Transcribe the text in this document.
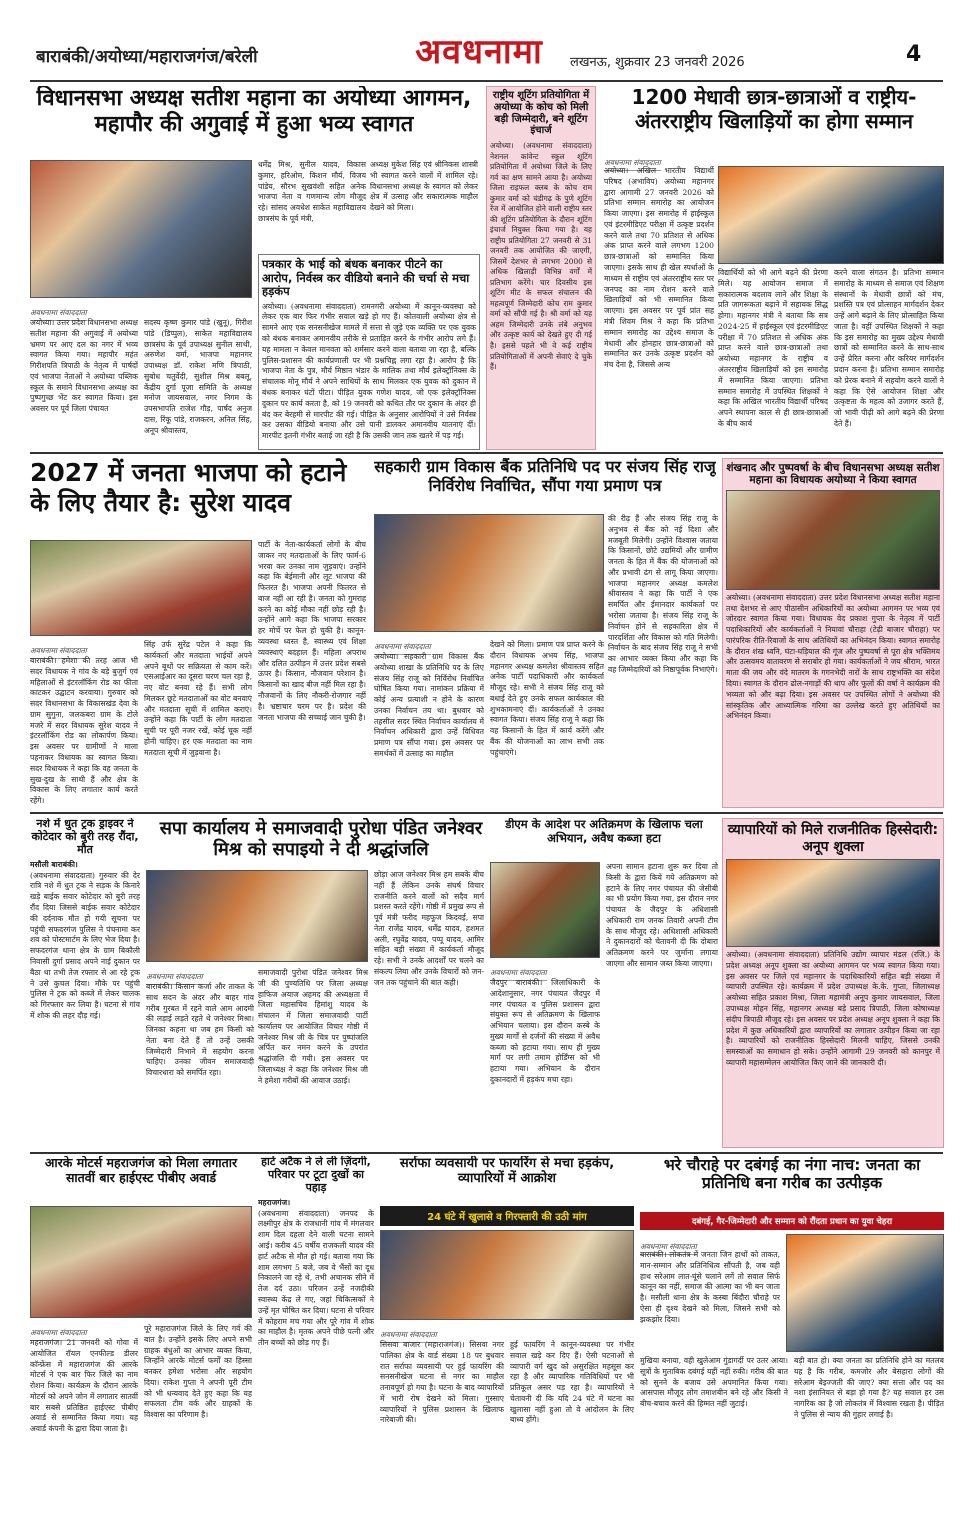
बाराबंकी/अयोध्या/महाराजगंज/बरेली	अवधनामा लखनऊ, शुक्रवार 23 जनवरी 2026	4
विधानसभा अध्यक्ष सतीश महाना का अयोध्या आगमन, महापौर की अगुवाई में हुआ भव्य स्वागत
अवधनामा संवाददाता
अयोध्या। उत्तर प्रदेश विधानसभा अध्यक्ष सतीश महाना की अगुवाई में अयोध्या भ्रमण पर आए दल का नगर में भव्य स्वागत किया गया। महापौर महंत गिरीशपति त्रिपाठी के नेतृत्व में पार्षदों एवं भाजपा नेताओं ने अयोध्या पब्लिक स्कूल के समाने विधानसभा अध्यक्ष का पुष्पगुच्छ भेंट कर स्वागत किया। इस अवसर पर पूर्व जिला पंचायत
सदस्य कृष्ण कुमार पांडे (खुनू), गिरीश पांडे (डिप्पुल), साकेत महाविद्यालय छात्रसंघ के पूर्व उपाध्यक्ष सुनील साथी, अरुणेश वर्मा, भाजपा महानगर उपाध्यक्ष डॉ. राकेश मणि त्रिपाठी, सुबोध चतुर्वेदी, सुशील मिश्र बबलू, केंद्रीय दुर्गा पूजा समिति के अध्यक्ष मनोज जायसवाल, नगर निगम के उपसभापति राजेश गौड़, पार्षद अनुज दास, रिंकू पांडे, राजकरन, अनिल सिंह, अनूप श्रीवास्तव,
धर्मेंद्र मिश्र, सुनील यादव, विकास कुमार, हरिओम, किशन मौर्य, विजय पांडेय, सौरभ सुखवंशी सहित अनेक भाजपा नेता व गणमान्य लोग मौजूद रहे। सांसद अवधेश साकेत महाविद्यालय छात्रसंघ के पूर्व मंत्री,
अध्यक्ष मुकेश सिंह एवं श्रीनिकस शास्त्री भी स्वागत करने वालों में शामिल रहे। विधानसभा अध्यक्ष के स्वागत को लेकर क्षेत्र में उत्साह और सकारात्मक माहौल देखने को मिला।
पत्रकार के भाई को बंधक बनाकर पीटने का आरोप, निर्वस्त्र कर वीडियो बनाने की चर्चा से मचा हड़कंप
अयोध्या। (अवधनामा संवाददाता) रामनगरी अयोध्या में कानून-व्यवस्था को लेकर एक बार फिर गंभीर सवाल खड़े हो गए हैं। कोतवाली अयोध्या क्षेत्र से सामने आए एक सनसनीखेज मामले में सत्ता से जुड़े एक व्यक्ति पर एक युवक को बंधक बनाकर अमानवीय तरीके से प्रताड़ित करने के गंभीर आरोप लगे हैं। यह मामला न केवल मानवता को शर्मसार करने वाला बताया जा रहा है, बल्कि पुलिस-प्रशासन की कार्यप्रणाली पर भी प्रश्नचिह्न लगा रहा है। आरोप है कि भाजपा नेता के पुत्र, मौर्य मिष्ठान भंडार के मालिक तथा मौर्य इलेक्ट्रॉनिक्स के संचालक मोनू मौर्य ने अपने साथियों के साथ मिलकर एक युवक को दुकान में बंधक बनाकर घंटों पीटा। पीड़ित युवक गणेश यादव, जो एक इलेक्ट्रॉनिक्स दुकान पर कार्य करता है, को 19 जनवरी को कथित तौर पर दुकान के अंदर ही बंद कर बेरहमी से मारपीट की गई। पीड़ित के अनुसार आरोपियों ने उसे निर्वस्त्र कर उसका वीडियो बनाया और उसे पानी डालकर अमानवीय यातनाएं दीं। मारपीट इतनी गंभीर बताई जा रही है कि उसकी जान तक खतरे में पड़ गई।
राष्ट्रीय शूटिंग प्रतियोगिता में अयोध्या के कोच को मिली बड़ी जिम्मेदारी, बने शूटिंग इंचार्ज
अयोध्या। (अवधनामा संवाददाता) नेशनल कांवेन्ट स्कूल शूटिंग प्रतियोगिता में अयोध्या जिले के लिए गर्व का क्षण सामने आया है। अयोध्या जिला राइफल क्लब के कोच राम कुमार वर्मा को चंडीगढ़ के पुणे शूटिंग रेंज में आयोजित होने वाली राष्ट्रीय स्तर की शूटिंग प्रतियोगिता के दौरान शूटिंग इंचार्ज नियुक्त किया गया है। यह राष्ट्रीय प्रतियोगिता 27 जनवरी से 31 जनवरी तक आयोजित की जाएगी, जिसमें देशभर से लगभग 2000 से अधिक खिलाड़ी विभिन्न वर्गों में प्रतिभाग करेंगे। चार दिवसीय इस शूटिंग मीट के सफल संचालन की महत्वपूर्ण जिम्मेदारी कोच राम कुमार वर्मा को सौंपी गई है। श्री वर्मा को यह अहम जिम्मेदारी उनके लंबे अनुभव और उत्कृष्ट कार्य को देखते हुए दी गई है। इससे पहले भी वे कई राष्ट्रीय प्रतियोगिताओं में अपनी सेवाएं दे चुके हैं।
1200 मेधावी छात्र-छात्राओं व राष्ट्रीय-अंतरराष्ट्रीय खिलाड़ियों का होगा सम्मान
अवधनामा संवाददाता
अयोध्या। अखिल भारतीय विद्यार्थी परिषद (अभाविप) अयोध्या महानगर द्वारा आगामी 27 जनवरी 2026 को प्रतिभा सम्मान समारोह का आयोजन किया जाएगा। इस समारोह में हाईस्कूल एवं इंटरमीडिएट परीक्षा में उत्कृष्ट प्रदर्शन करने वाले तथा 70 प्रतिशत से अधिक अंक प्राप्त करने वाले लगभग 1200 छात्र-छात्राओं को सम्मानित किया जाएगा। इसके साथ ही खेल स्पर्धाओं के माध्यम से राष्ट्रीय एवं अंतरराष्ट्रीय स्तर पर जनपद का नाम रोशन करने वाले खिलाड़ियों को भी सम्मानित किया जाएगा। इस अवसर पर पूर्व प्रांत सह मंत्री शिवम मिश्र ने कहा कि प्रतिभा सम्मान समारोह का उद्देश्य समाज के मेधावी और होनहार छात्र-छात्राओं को सम्मानित कर उनके उत्कृष्ट प्रदर्शन को मंच देना है, जिससे अन्य
विद्यार्थियों को भी आगे बढ़ने की प्रेरणा मिले। यह आयोजन समाज में सकारात्मक बदलाव लाने और शिक्षा के प्रति जागरूकता बढ़ाने में सहायक सिद्ध होगा। महानगर मंत्री ने बताया कि सत्र 2024-25 में हाईस्कूल एवं इंटरमीडिएट परीक्षा में 70 प्रतिशत से अधिक अंक प्राप्त करने वाले छात्र-छात्राओं तथा अयोध्या महानगर के राष्ट्रीय व अंतरराष्ट्रीय खिलाड़ियों को इस समारोह में सम्मानित किया जाएगा। प्रतिभा सम्मान समारोह में उपस्थित शिक्षकों ने कहा कि अखिल भारतीय विद्यार्थी परिषद अपने स्थापना काल से ही छात्र-छात्राओं के बीच कार्य
करने वाला संगठन है। प्रतिभा सम्मान समारोह के माध्यम से समाज एवं शिक्षण संस्थानों के मेधावी छात्रों को मंच, प्रशस्ति पत्र एवं प्रोत्साहन मार्गदर्शन देकर उन्हें आगे बढ़ाने के लिए प्रोत्साहित किया जाता है। वहीं उपस्थित शिक्षकों ने कहा कि इस समारोह का मुख्य उद्देश्य मेधावी छात्रों को सम्मानित करने के साथ-साथ उन्हें प्रेरित करना और करियर मार्गदर्शन प्रदान करना है। प्रतिभा सम्मान समारोह को प्रेरक बनाने में सहयोग करने वालों ने कहा कि ऐसे आयोजन शिक्षा और उत्कृष्टता के महत्व को उजागर करते हैं, जो भावी पीढ़ी को आगे बढ़ने की प्रेरणा देते हैं।
2027 में जनता भाजपा को हटाने के लिए तैयार है: सुरेश यादव
अवधनामा संवाददाता
बाराबंकी। हमेशा की तरह आज भी सदर विधायक ने गांव के बड़े बुजुर्ग एवं महिलाओं से इंटरलॉकिंग रोड का फीता काटकर उद्घाटन करवाया। गुरुवार को सदर विधानसभा के विकासखंड देवा के ग्राम सुगुना, जलकबरा ग्राम के टोले मजरे में सदर विधायक सुरेश यादव ने इंटरलॉकिंग रोड का लोकार्पण किया। इस अवसर पर ग्रामीणों ने माला पहनाकर विधायक का स्वागत किया। सदर विधायक ने कहा कि वह जनता के सुख-दुख के साथी हैं और क्षेत्र के विकास के लिए लगातार कार्य करते रहेंगे।
सिंह उर्फ सुरेंद्र पटेल ने कहा कि कार्यकर्ता और मतदाता भाईयों अपने अपने बूथों पर सक्रियता से काम करें। एसआईआर का दूसरा चरण चल रहा है, नए वोट बनवा रहे हैं। सभी लोग मिलकर छूटे मतदाताओं का वोट बनवाएं और मतदाता सूची में शामिल कराएं। उन्होंने कहा कि पार्टी के लोग मतदाता सूची पर पूरी नजर रखें, कोई चूक नहीं होनी चाहिए। हर एक मतदाता का नाम मतदाता सूची में जुड़वाना है।
पार्टी के नेता-कार्यकर्ता लोगों के बीच जाकर नए मतदाताओं के लिए फार्म-6 भरवा कर उनका नाम जुड़वाएं। उन्होंने कहा कि बेईमानी और लूट भाजपा की फितरत है। भाजपा अपनी फितरत से बाज नहीं आ रही है। जनता को गुमराह करने का कोई मौका नहीं छोड़ रही है। उन्होंने आगे कहा कि भाजपा सरकार हर मोर्चे पर फेल हो चुकी है। कानून-व्यवस्था ध्वस्त है, स्वास्थ्य एवं शिक्षा व्यवस्थाएं बदहाल हैं। महिला अपराध और दलित उत्पीड़न में उत्तर प्रदेश सबसे ऊपर है। किसान, नौजवान परेशान है। किसानों का खाद बीज नहीं मिल रहा है। नौजवानों के लिए नौकरी-रोजगार नहीं है। भ्रष्टाचार चरम पर है। प्रदेश की जनता भाजपा की सच्चाई जान चुकी है।
सहकारी ग्राम विकास बैंक प्रतिनिधि पद पर संजय सिंह राजू निर्विरोध निर्वाचित, सौंपा गया प्रमाण पत्र
अवधनामा संवाददाता
अयोध्या। सहकारी ग्राम विकास बैंक अयोध्या शाखा के प्रतिनिधि पद के लिए संजय सिंह राजू को निर्विरोध निर्वाचित घोषित किया गया। नामांकन प्रक्रिया में कोई अन्य प्रत्याशी न होने के कारण उनका निर्वाचन तय था। बुधवार को तहसील सदर स्थित निर्वाचन कार्यालय में निर्वाचन अधिकारी द्वारा उन्हें विधिवत प्रमाण पत्र सौंपा गया। इस अवसर पर समर्थकों में उत्साह का माहौल
देखने को मिला। प्रमाण पत्र प्राप्त करने के दौरान विधायक अभय सिंह, भाजपा महानगर अध्यक्ष कमलेश श्रीवास्तव सहित अनेक पार्टी पदाधिकारी और कार्यकर्ता मौजूद रहे। सभी ने संजय सिंह राजू को बधाई देते हुए उनके सफल कार्यकाल की शुभकामनाएं दीं। कार्यकर्ताओं ने उनका स्वागत किया। संजय सिंह राजू ने कहा कि वह किसानों के हित में कार्य करेंगे और बैंक की योजनाओं का लाभ सभी तक पहुंचाएंगे।
की रीढ़ हैं और संजय सिंह राजू के अनुभव से बैंक को नई दिशा और मजबूती मिलेगी। उन्होंने विश्वास जताया कि किसानों, छोटे उद्यमियों और ग्रामीण जनता के हित में बैंक की योजनाओं को और प्रभावी ढंग से लागू किया जाएगा। भाजपा महानगर अध्यक्ष कमलेश श्रीवास्तव ने कहा कि पार्टी ने एक समर्पित और ईमानदार कार्यकर्ता पर भरोसा जताया है। संजय सिंह राजू के निर्वाचन होने से सहकारिता क्षेत्र में पारदर्शिता और विकास को गति मिलेगी। निर्वाचन के बाद संजय सिंह राजू ने सभी का आभार व्यक्त किया और कहा कि वह जिम्मेदारियों को निष्ठापूर्वक निभाएंगे।
शंखनाद और पुष्पवर्षा के बीच विधानसभा अध्यक्ष सतीश महाना का विधायक अयोध्या ने किया स्वागत
अयोध्या। (अवधनामा संवाददाता) उत्तर प्रदेश विधानसभा अध्यक्ष सतीश महाना तथा देशभर से आए पीठासीन अधिकारियों का अयोध्या आगमन पर भव्य एवं जोरदार स्वागत किया गया। विधायक वेद प्रकाश गुप्ता के नेतृत्व में पार्टी पदाधिकारियों और कार्यकर्ताओं ने नियावां चौराहा (टेढ़ी बाजार चौराहा) पर पारंपरिक रीति-रिवाजों के साथ अतिथियों का अभिनंदन किया। स्वागत समारोह के दौरान शंख ध्वनि, घंटा-घड़ियाल की गूंज और पुष्पवर्षा से पूरा क्षेत्र भक्तिमय और उत्सवमय वातावरण से सराबोर हो गया। कार्यकर्ताओं ने जय श्रीराम, भारत माता की जय और वंदे मातरम के गगनभेदी नारों के साथ राष्ट्रभक्ति का संदेश दिया। स्वागत के दौरान ढोल-नगाड़ों की थाप और फूलों की वर्षा ने कार्यक्रम की भव्यता को और बढ़ा दिया। इस अवसर पर उपस्थित लोगों ने अयोध्या की सांस्कृतिक और आध्यात्मिक गरिमा का उल्लेख करते हुए अतिथियों का अभिनंदन किया।
नशे में धुत ट्रक ड्राइवर ने कोटेदार को बुरी तरह रौंदा, मौत
मसौली बाराबंकी।
(अवधनामा संवाददाता) गुरुवार की देर रात्रि नशे में धुत ट्रक ने सड़क के किनारे खड़े बाईक सवार कोटेदार को बुरी तरह रौंद दिया जिससे बाईक सवार कोटेदार की दर्दनाक मौत हो गयी सूचना पर पहुंची सफदरगंज पुलिस ने पंचनामा कर शव को पोस्टमार्टम के लिए भेज दिया है। सफदरगंज थाना क्षेत्र के ग्राम बिकौली निवासी दुर्गा प्रसाद अपने नाई दुकान पर बैठा था तभी तेज रफ्तार से आ रहे ट्रक ने उसे कुचल दिया। मौके पर पहुंची पुलिस ने ट्रक को कब्जे में लेकर चालक को गिरफ्तार कर लिया है। घटना से गांव में शोक की लहर दौड़ गई।
सपा कार्यालय मे समाजवादी पुरोधा पंडित जनेश्वर मिश्र को सपाइयो ने दी श्रद्धांजलि
अवधनामा संवाददाता
बाराबंकी। किसान कर्जा और ताकत के साथ सदन के अंदर और बाहर गांव गरीब गुरबत में रहने वाले आम आदमी की लड़ाई लड़ते रहते थे जनेश्वर मिश्रा। जिनका कहना था जब हम किसी को नेता बना देते हैं तो उन्हें उसकी जिम्मेदारी निभाने में सहयोग करना चाहिए। उनका जीवन समाजवादी विचारधारा को समर्पित रहा।
समाजवादी पुरोधा पंडित जनेश्वर मिश्र जी की पुण्यतिथि पर जिला अध्यक्ष हाफिज अयाज अहमद की अध्यक्षता में जिला महासचिव हिमांशु यादव के संचालन में जिला समाजवादी पार्टी कार्यालय पर आयोजित विचार गोष्ठी में जनेश्वर मिश्र जी के चित्र पर पुष्पांजलि अर्पित कर नमन करने के उपरांत श्रद्धांजलि दी गयी। इस अवसर पर जिलाध्यक्ष ने कहा कि जनेश्वर मिश्र जी ने हमेशा गरीबों की आवाज उठाई।
छोड़ा आज जनेश्वर मिश्र हम सबके बीच नहीं हैं लेकिन उनके संघर्ष विचार राजनीति करने वालों को सदैव मार्ग प्रशस्त करते रहेंगे। गोष्ठी में प्रमुख रूप से पूर्व मंत्री फरीद महफूज किदवई, सपा नेता राजेंद्र यादव, धर्मेंद्र यादव, हशमत अली, रघुवेंद्र यादव, पप्पू यादव, आमिर सहित बड़ी संख्या में कार्यकर्ता मौजूद रहे। सभी ने उनके आदर्शों पर चलने का संकल्प लिया और उनके विचारों को जन-जन तक पहुंचाने की बात कही।
डीएम के आदेश पर अतिक्रमण के खिलाफ चला अभियान, अवैध कब्जा हटा
अवधनामा संवाददाता
जैदपुर बाराबंकी। जिलाधिकारी के आदेशानुसार, नगर पंचायत जैदपुर में नगर पंचायत व पुलिस प्रशासन द्वारा संयुक्त रूप से अतिक्रमण के खिलाफ अभियान चलाया। इस दौरान कस्बे के मुख्य मार्गों से दर्जनों की संख्या में अवैध कब्जा को हटाया गया। साथ ही मुख्य मार्ग पर लगी तमाम होर्डिंग्स को भी हटाया गया। अभियान के दौरान दुकानदारों में हड़कंप मचा रहा।
अपना सामान हटाना शुरू कर दिया तो किसी के द्वारा किये गये अतिक्रमण को हटाने के लिए नगर पंचायत की जेसीबी का भी प्रयोग किया गया, इस दौरान नगर पंचायत के जैदपुर के अधिशासी अधिकारी राम जनक तिवारी अपनी टीम के साथ मौजूद रहे। अधिशासी अधिकारी ने दुकानदारों को चेतावनी दी कि दोबारा अतिक्रमण करने पर जुर्माना लगाया जाएगा और सामान जब्त किया जाएगा।
व्यापारियों को मिले राजनीतिक हिस्सेदारी: अनूप शुक्ला
अयोध्या। (अवधनामा संवाददाता) प्रतिनिधि उद्योग व्यापार मंडल (रजि.) के प्रदेश अध्यक्ष अनूप शुक्ला का अयोध्या आगमन पर भव्य स्वागत किया गया। इस अवसर पर जिले एवं महानगर के पदाधिकारियों सहित बड़ी संख्या में व्यापारी उपस्थित रहे। कार्यक्रम में प्रदेश उपाध्यक्ष के.के. गुप्ता, जिलाध्यक्ष अयोध्या सहित प्रकाश मिश्रा, जिला महामंत्री अनूप कुमार जायसवाल, जिला उपाध्यक्ष मोहन सिंह, महानगर अध्यक्ष बड़े प्रसाद त्रिपाठी, जिला कोषाध्यक्ष संदीप त्रिपाठी मौजूद रहे। इस अवसर पर प्रदेश अध्यक्ष अनूप शुक्ला ने कहा कि प्रदेश में कुछ अधिकारियों द्वारा व्यापारियों का लगातार उत्पीड़न किया जा रहा है। व्यापारियों को राजनीतिक हिस्सेदारी मिलनी चाहिए, जिससे उनकी समस्याओं का समाधान हो सके। उन्होंने आगामी 29 जनवरी को कानपुर में व्यापारी महासम्मेलन आयोजित किए जाने की जानकारी दी।
आरके मोटर्स महराजगंज को मिला लगातार सातवीं बार हाईएस्ट पीबीए अवार्ड
अवधनामा संवाददाता
महराजगंज। 21 जनवरी को गोवा में आयोजित रॉयल एनफील्ड डीलर कॉन्फ्रेंस में महाराजगंज की आरके मोटर्स ने एक बार फिर जिले का नाम रोशन किया। कार्यक्रम के दौरान आरके मोटर्स को अपने जोन में लगातार सातवीं बार सबसे प्रतिष्ठित हाईएस्ट पीबीए अवार्ड से सम्मानित किया गया। यह अवार्ड कंपनी के द्वारा दिया जाता है।
पूरे महाराजगंज जिले के लिए गर्व की बात है। उन्होंने इसके लिए अपने सभी ग्राहक बंधुओं का आभार व्यक्त किया, जिन्होंने आरके मोटर्स फर्मों का हिस्सा बनकर हमेशा भरोसा और सहयोग दिया। राकेश गुप्ता ने अपनी पूरी टीम को भी धन्यवाद देते हुए कहा कि यह सफलता टीम वर्क और ग्राहकों के विश्वास का परिणाम है।
हार्ट अटैक ने ले ली ज़िंदगी, परिवार पर टूटा दुखों का पहाड़
महराजगंज।
(अवधनामा संवाददाता) जनपद के लक्ष्मीपुर क्षेत्र के राजधानी गांव में मंगलवार शाम दिल दहला देने वाली घटना सामने आई। करीब 45 वर्षीय राजकली यादव की हार्ट अटैक से मौत हो गई। बताया गया कि शाम लगभग 5 बजे, जब वे भैंसों का दूध निकालने जा रहे थे, तभी अचानक सीने में तेज दर्द उठा। परिजन उन्हें नजदीकी स्वास्थ्य केंद्र ले गए, जहां चिकित्सकों ने उन्हें मृत घोषित कर दिया। घटना से परिवार में कोहराम मच गया और पूरे गांव में शोक का माहौल है। मृतक अपने पीछे पत्नी और तीन बच्चों को छोड़ गए हैं।
सर्राफा व्यवसायी पर फायरिंग से मचा हड़कंप, व्यापारियों में आक्रोश
24 घंटे में खुलासे व गिरफ्तारी की उठी मांग
अवधनामा संवाददाता
सिसवा बाजार (महाराजगंज)। सिसवा नगर पालिका क्षेत्र के वार्ड संख्या 18 पर बुधवार रात सर्राफा व्यवसायी पर हुई फायरिंग की सनसनीखेज घटना से नगर का माहौल तनावपूर्ण हो गया है। घटना के बाद व्यापारियों में भारी रोष देखने को मिला। गुस्साए व्यापारियों ने पुलिस प्रशासन के खिलाफ नारेबाजी की।
हुई फायरिंग ने कानून-व्यवस्था पर गंभीर सवाल खड़े कर दिए हैं। ऐसी घटनाओं से व्यापारी वर्ग खुद को असुरक्षित महसूस कर रहा है और व्यापारिक गतिविधियों पर भी प्रतिकूल असर पड़ रहा है। व्यापारियों ने चेतावनी दी कि यदि 24 घंटे में घटना का खुलासा नहीं हुआ तो वे आंदोलन के लिए बाध्य होंगे।
भरे चौराहे पर दबंगई का नंगा नाच: जनता का प्रतिनिधि बना गरीब का उत्पीड़क
दबंगई, गैर-जिम्मेदारी और सम्मान को रौंदता प्रधान का युवा चेहरा
अवधनामा संवाददाता
बाराबंकी। लोकतंत्र में जनता जिन हाथों को ताकत, मान-सम्मान और प्रतिनिधित्व सौंपती है, जब वही हाथ सरेआम लात-घूंसे चलाने लगें तो सवाल सिर्फ कानून का नहीं, समाज की आत्मा का भी बन जाता है। मसौली थाना क्षेत्र के कस्बा बिंदौरा चौराहे पर ऐसा ही दृश्य देखने को मिला, जिसने सभी को झकझोर दिया।
मुखिया बनाया, वही खुलेआम गुंडागर्दी पर उतर आया। सूत्रों के मुताबिक दबंगई यहीं नहीं रुकी। गरीब की बात को सुनने के बजाय उसे अपमानित किया गया। आसपास मौजूद लोग तमाशबीन बने रहे और किसी ने बीच-बचाव करने की हिम्मत नहीं जुटाई।
बड़ी बात हो। क्या जनता का प्रतिनिधि होने का मतलब यह है कि गरीब, कमजोर और बेसहारा लोगों की सरेआम बेइज्जती की जाए? क्या सत्ता और पद का नशा इंसानियत से बड़ा हो गया है? यह सवाल हर उस नागरिक का है जो लोकतंत्र में विश्वास रखता है। पीड़ित ने पुलिस से न्याय की गुहार लगाई है।
